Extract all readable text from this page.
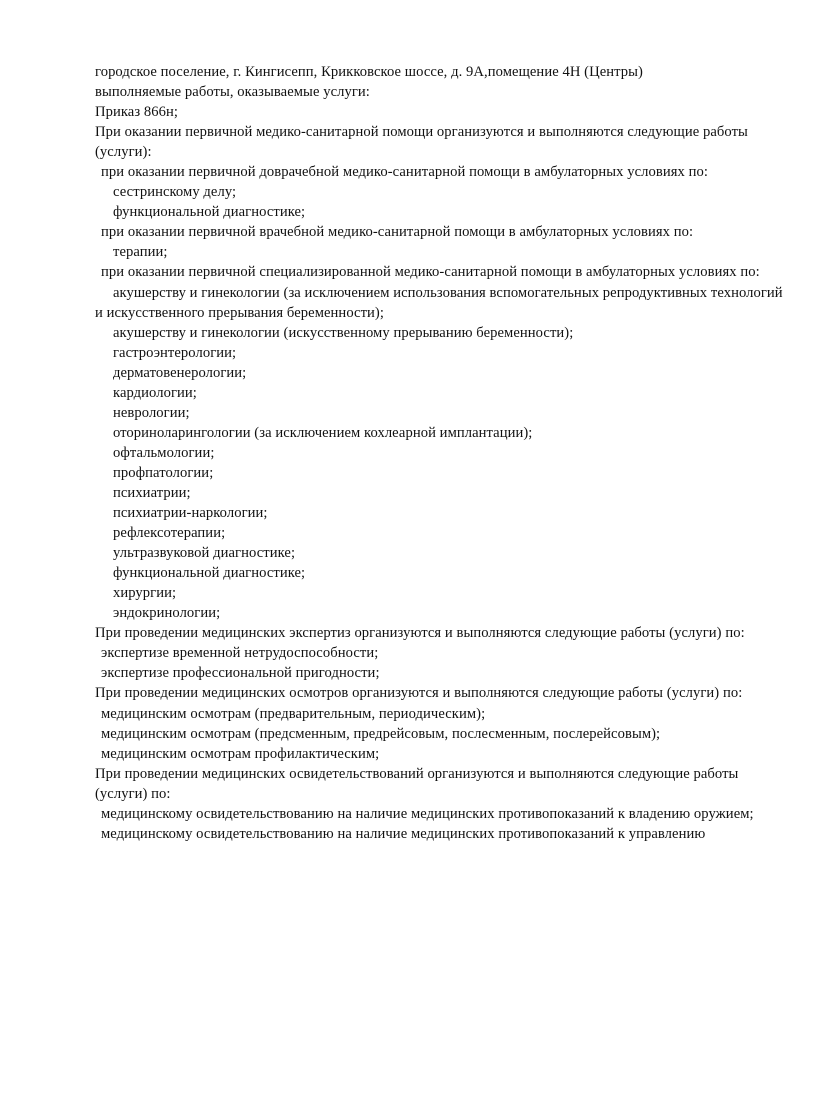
городское поселение, г. Кингисепп, Крикковское шоссе, д. 9А,помещение 4Н (Центры)

выполняемые работы, оказываемые услуги:

Приказ 866н;

При оказании первичной медико-санитарной помощи организуются и выполняются следующие работы (услуги):

при оказании первичной доврачебной медико-санитарной помощи в амбулаторных условиях по:

сестринскому делу;

функциональной диагностике;

при оказании первичной врачебной медико-санитарной помощи в амбулаторных условиях по:

терапии;

при оказании первичной специализированной медико-санитарной помощи в амбулаторных условиях по:

акушерству и гинекологии (за исключением использования вспомогательных репродуктивных технологий и искусственного прерывания беременности);

акушерству и гинекологии (искусственному прерыванию беременности);

гастроэнтерологии;

дерматовенерологии;

кардиологии;

неврологии;

оториноларингологии (за исключением кохлеарной имплантации);

офтальмологии;

профпатологии;

психиатрии;

психиатрии-наркологии;

рефлексотерапии;

ультразвуковой диагностике;

функциональной диагностике;

хирургии;

эндокринологии;

При проведении медицинских экспертиз организуются и выполняются следующие работы (услуги) по:

экспертизе временной нетрудоспособности;

экспертизе профессиональной пригодности;

При проведении медицинских осмотров организуются и выполняются следующие работы (услуги) по:

медицинским осмотрам (предварительным, периодическим);

медицинским осмотрам (предсменным, предрейсовым, послесменным, послерейсовым);

медицинским осмотрам профилактическим;

При проведении медицинских освидетельствований организуются и выполняются следующие работы (услуги) по:

медицинскому освидетельствованию на наличие медицинских противопоказаний к владению оружием;

медицинскому освидетельствованию на наличие медицинских противопоказаний к управлению
